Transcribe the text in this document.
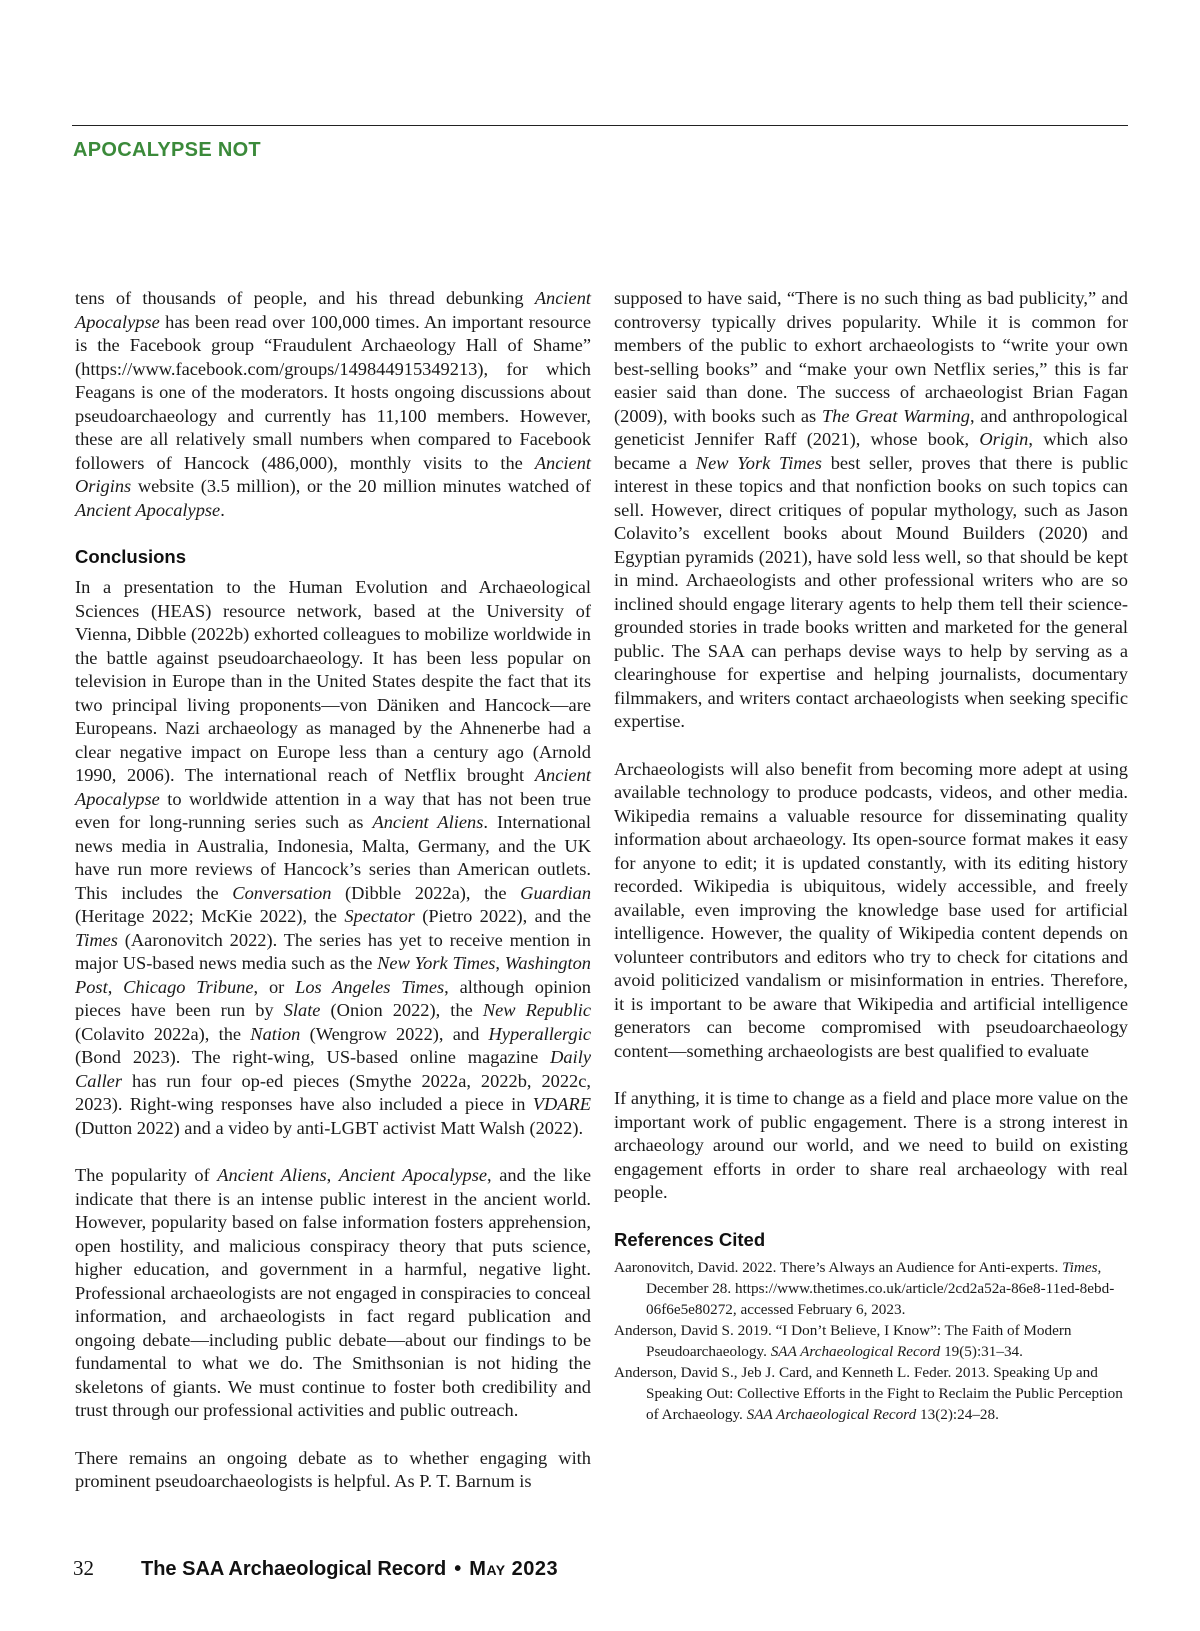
APOCALYPSE NOT

tens of thousands of people, and his thread debunking Ancient Apocalypse has been read over 100,000 times. An important resource is the Facebook group “Fraudulent Archaeology Hall of Shame” (https://www.facebook.com/groups/149844915349213), for which Feagans is one of the moderators. It hosts ongoing discussions about pseudoarchaeology and currently has 11,100 members. However, these are all relatively small numbers when compared to Facebook followers of Hancock (486,000), monthly visits to the Ancient Origins website (3.5 million), or the 20 million minutes watched of Ancient Apocalypse.

Conclusions

In a presentation to the Human Evolution and Archaeological Sciences (HEAS) resource network, based at the University of Vienna, Dibble (2022b) exhorted colleagues to mobilize worldwide in the battle against pseudoarchaeology. It has been less popular on television in Europe than in the United States despite the fact that its two principal living proponents—von Däniken and Hancock—are Europeans. Nazi archaeology as managed by the Ahnenerbe had a clear negative impact on Europe less than a century ago (Arnold 1990, 2006). The international reach of Netflix brought Ancient Apocalypse to worldwide attention in a way that has not been true even for long-running series such as Ancient Aliens. International news media in Australia, Indonesia, Malta, Germany, and the UK have run more reviews of Hancock’s series than American outlets. This includes the Conversation (Dibble 2022a), the Guardian (Heritage 2022; McKie 2022), the Spectator (Pietro 2022), and the Times (Aaronovitch 2022). The series has yet to receive mention in major US-based news media such as the New York Times, Washington Post, Chicago Tribune, or Los Angeles Times, although opinion pieces have been run by Slate (Onion 2022), the New Republic (Colavito 2022a), the Nation (Wengrow 2022), and Hyperallergic (Bond 2023). The right-wing, US-based online magazine Daily Caller has run four op-ed pieces (Smythe 2022a, 2022b, 2022c, 2023). Right-wing responses have also included a piece in VDARE (Dutton 2022) and a video by anti-LGBT activist Matt Walsh (2022).

The popularity of Ancient Aliens, Ancient Apocalypse, and the like indicate that there is an intense public interest in the ancient world. However, popularity based on false information fosters apprehension, open hostility, and malicious conspiracy theory that puts science, higher education, and government in a harmful, negative light. Professional archaeologists are not engaged in conspiracies to conceal information, and archaeologists in fact regard publication and ongoing debate—including public debate—about our findings to be fundamental to what we do. The Smithsonian is not hiding the skeletons of giants. We must continue to foster both credibility and trust through our professional activities and public outreach.

There remains an ongoing debate as to whether engaging with prominent pseudoarchaeologists is helpful. As P. T. Barnum is

supposed to have said, “There is no such thing as bad publicity,” and controversy typically drives popularity. While it is common for members of the public to exhort archaeologists to “write your own best-selling books” and “make your own Netflix series,” this is far easier said than done. The success of archaeologist Brian Fagan (2009), with books such as The Great Warming, and anthropological geneticist Jennifer Raff (2021), whose book, Origin, which also became a New York Times best seller, proves that there is public interest in these topics and that nonfiction books on such topics can sell. However, direct critiques of popular mythology, such as Jason Colavito’s excellent books about Mound Builders (2020) and Egyptian pyramids (2021), have sold less well, so that should be kept in mind. Archaeologists and other professional writers who are so inclined should engage literary agents to help them tell their science-grounded stories in trade books written and marketed for the general public. The SAA can perhaps devise ways to help by serving as a clearinghouse for expertise and helping journalists, documentary filmmakers, and writers contact archaeologists when seeking specific expertise.

Archaeologists will also benefit from becoming more adept at using available technology to produce podcasts, videos, and other media. Wikipedia remains a valuable resource for disseminating quality information about archaeology. Its open-source format makes it easy for anyone to edit; it is updated constantly, with its editing history recorded. Wikipedia is ubiquitous, widely accessible, and freely available, even improving the knowledge base used for artificial intelligence. However, the quality of Wikipedia content depends on volunteer contributors and editors who try to check for citations and avoid politicized vandalism or misinformation in entries. Therefore, it is important to be aware that Wikipedia and artificial intelligence generators can become compromised with pseudoarchaeology content—something archaeologists are best qualified to evaluate

If anything, it is time to change as a field and place more value on the important work of public engagement. There is a strong interest in archaeology around our world, and we need to build on existing engagement efforts in order to share real archaeology with real people.

References Cited
Aaronovitch, David. 2022. There’s Always an Audience for Anti-experts. Times, December 28. https://www.thetimes.co.uk/article/2cd2a52a-86e8-11ed-8ebd-06f6e5e80272, accessed February 6, 2023.
Anderson, David S. 2019. “I Don’t Believe, I Know”: The Faith of Modern Pseudoarchaeology. SAA Archaeological Record 19(5):31–34.
Anderson, David S., Jeb J. Card, and Kenneth L. Feder. 2013. Speaking Up and Speaking Out: Collective Efforts in the Fight to Reclaim the Public Perception of Archaeology. SAA Archaeological Record 13(2):24–28.
32 The SAA Archaeological Record • May 2023
